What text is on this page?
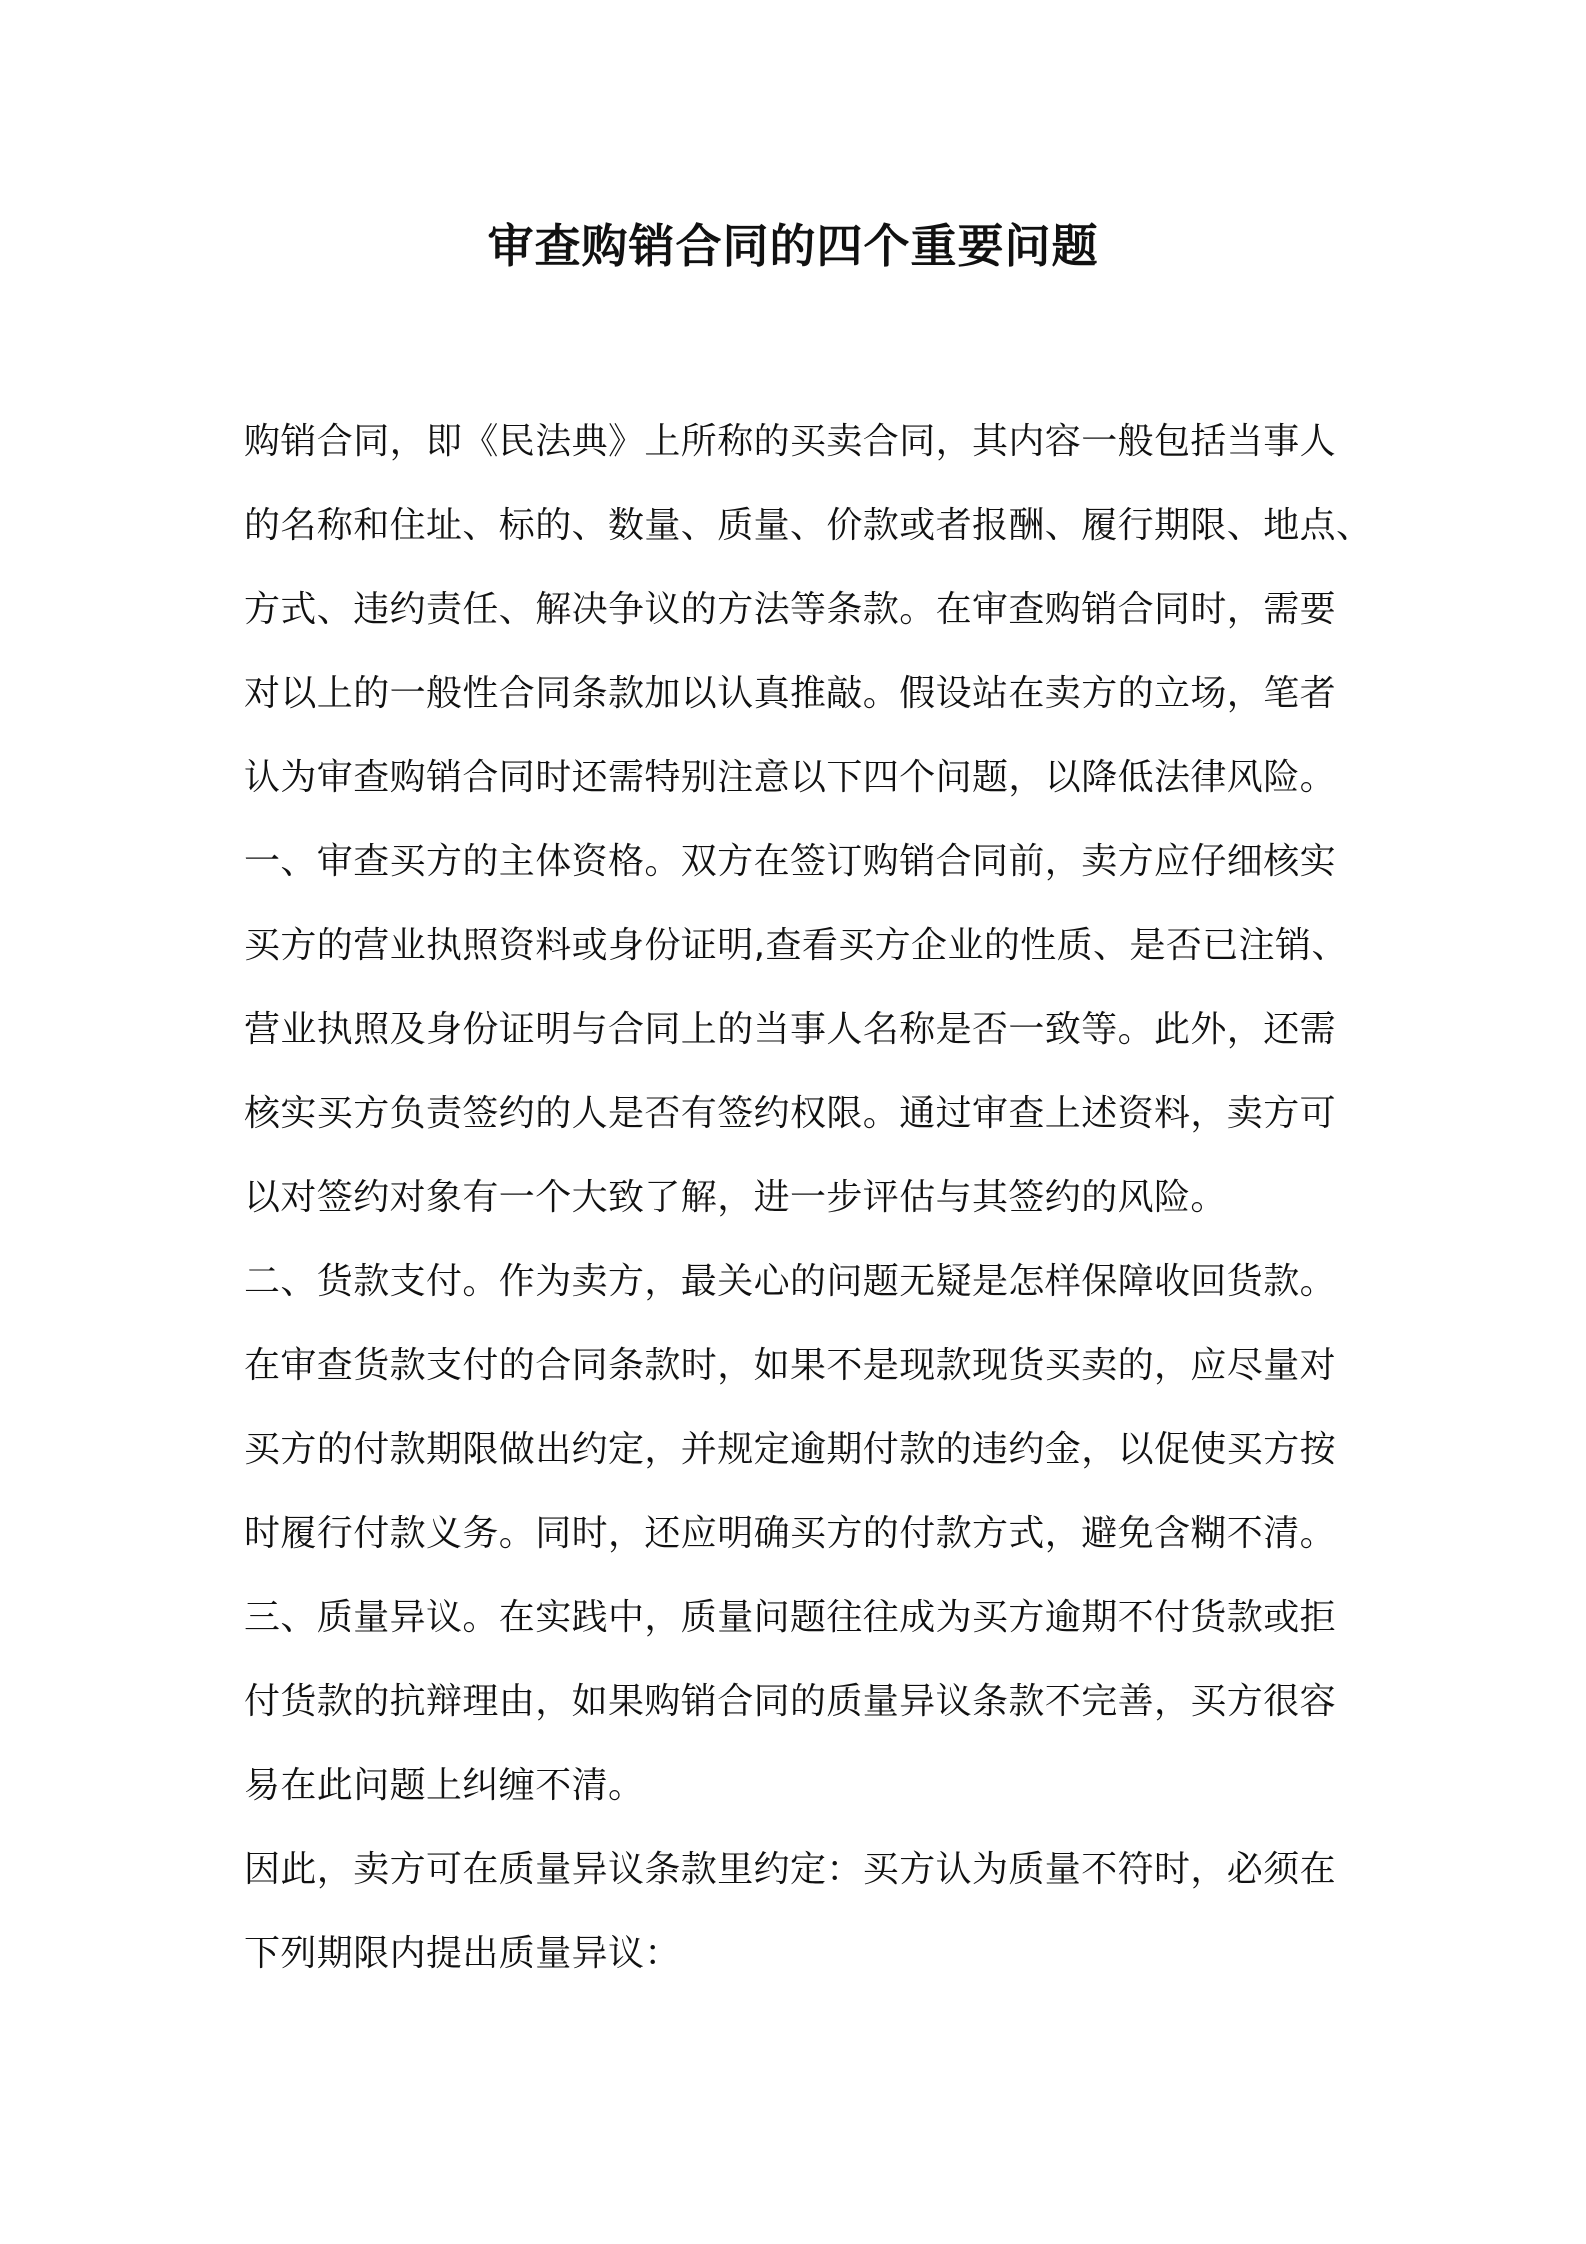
审查购销合同的四个重要问题
购销合同，即《民法典》上所称的买卖合同，其内容一般包括当事人
的名称和住址、标的、数量、质量、价款或者报酬、履行期限、地点、
方式、违约责任、解决争议的方法等条款。在审查购销合同时，需要
对以上的一般性合同条款加以认真推敲。假设站在卖方的立场，笔者
认为审查购销合同时还需特别注意以下四个问题，以降低法律风险。
一、审查买方的主体资格。双方在签订购销合同前，卖方应仔细核实
买方的营业执照资料或身份证明,查看买方企业的性质、是否已注销、
营业执照及身份证明与合同上的当事人名称是否一致等。此外，还需
核实买方负责签约的人是否有签约权限。通过审查上述资料，卖方可
以对签约对象有一个大致了解，进一步评估与其签约的风险。
二、货款支付。作为卖方，最关心的问题无疑是怎样保障收回货款。
在审查货款支付的合同条款时，如果不是现款现货买卖的，应尽量对
买方的付款期限做出约定，并规定逾期付款的违约金，以促使买方按
时履行付款义务。同时，还应明确买方的付款方式，避免含糊不清。
三、质量异议。在实践中，质量问题往往成为买方逾期不付货款或拒
付货款的抗辩理由，如果购销合同的质量异议条款不完善，买方很容
易在此问题上纠缠不清。
因此，卖方可在质量异议条款里约定：买方认为质量不符时，必须在
下列期限内提出质量异议：
